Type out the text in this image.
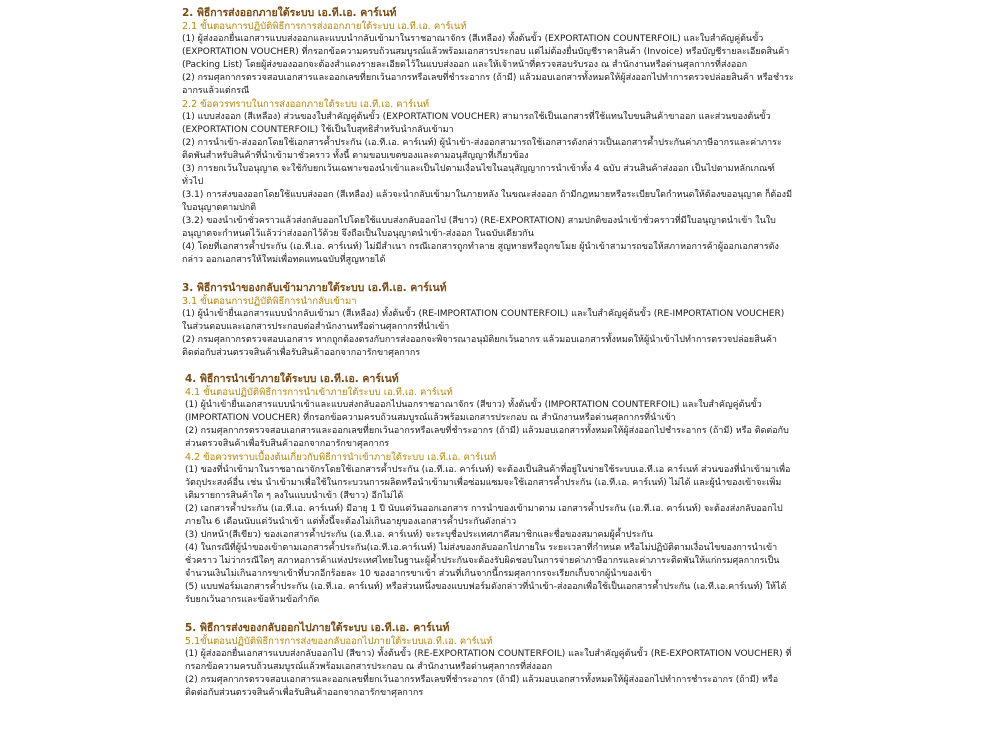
2. พิธีการส่งออกภายใต้ระบบ เอ.ที.เอ. คาร์เนท์
2.1 ขั้นตอนการปฏิบัติพิธีการการส่งออกภายใต้ระบบ เอ.ที.เอ. คาร์เนท์

(1) ผู้ส่งออกยื่นเอกสารแบบส่งออกและแบบนำกลับเข้ามาในราชอาณาจักร (สีเหลือง) ทั้งต้นขั้ว (EXPORTATION COUNTERFOIL) และใบสำคัญคู่ต้นขั้ว (EXPORTATION VOUCHER) ที่กรอกข้อความครบถ้วนสมบูรณ์แล้วพร้อมเอกสารประกอบ แต่ไม่ต้องยื่นบัญชีราคาสินค้า (Invoice) หรือบัญชีรายละเอียดสินค้า (Packing List) โดยผู้ส่งของออกจะต้องสำแดงรายละเอียดไว้ในแบบส่งออก และให้เจ้าหน้าที่ตรวจสอบรับรอง ณ สำนักงานหรือด่านศุลกากรที่ส่งออก

(2) กรมศุลกากรตรวจสอบเอกสารและออกเลขที่ยกเว้นอากรหรือเลขที่ชำระอากร (ถ้ามี) แล้วมอบเอกสารทั้งหมดให้ผู้ส่งออกไปทำการตรวจปล่อยสินค้า หรือชำระอากรแล้วแต่กรณี

2.2 ข้อควรทราบในการส่งออกภายใต้ระบบ เอ.ที.เอ. คาร์เนท์

(1) แบบส่งออก (สีเหลือง) ส่วนของใบสำคัญคู่ต้นขั้ว (EXPORTATION VOUCHER) สามารถใช้เป็นเอกสารที่ใช้แทนใบขนสินค้าขาออก และส่วนของต้นขั้ว (EXPORTATION COUNTERFOIL) ใช้เป็นใบสุทธิสำหรับนำกลับเข้ามา

(2) การนำเข้า-ส่งออกโดยใช้เอกสารค้ำประกัน (เอ.ที.เอ. คาร์เนท์) ผู้นำเข้า-ส่งออกสามารถใช้เอกสารดังกล่าวเป็นเอกสารค้ำประกันค่าภาษีอากรและค่าภาระติดพันสำหรับสินค้าที่นำเข้ามาชั่วคราว ทั้งนี้ ตามขอบเขตของและตามอนุสัญญาที่เกี่ยวข้อง

(3) การยกเว้นใบอนุญาต จะใช้กับยกเว้นเฉพาะของนำเข้าและเป็นไปตามเงื่อนไขในอนุสัญญาการนำเข้าทั้ง 4 ฉบับ ส่วนสินค้าส่งออก เป็นไปตามหลักเกณฑ์ทั่วไป

(3.1) การส่งของออกโดยใช้แบบส่งออก (สีเหลือง) แล้วจะนำกลับเข้ามาในภายหลัง ในขณะส่งออก ถ้ามีกฎหมายหรือระเบียบใดกำหนดให้ต้องขออนุญาต ก็ต้องมีใบอนุญาตตามปกติ

(3.2) ของนำเข้าชั่วคราวแล้วส่งกลับออกไปโดยใช้แบบส่งกลับออกไป (สีขาว) (RE-EXPORTATION) สามปกติของนำเข้าชั่วคราวที่มีใบอนุญาตนำเข้า ในใบอนุญาตจะกำหนดไว้แล้วว่าส่งออกไว้ด้วย จึงถือเป็นใบอนุญาตนำเข้า-ส่งออก ในฉบับเดียวกัน

(4) โดยที่เอกสารค้ำประกัน (เอ.ที.เอ. คาร์เนท์) ไม่มีสำเนา กรณีเอกสารถูกทำลาย สูญหายหรือถูกขโมย ผู้นำเข้าสามารถขอให้สภาหอการค้าผู้ออกเอกสารดังกล่าว ออกเอกสารให้ใหม่เพื่อทดแทนฉบับที่สูญหายได้

3. พิธีการนำของกลับเข้ามาภายใต้ระบบ เอ.ที.เอ. คาร์เนท์
3.1 ขั้นตอนการปฏิบัติพิธีการนำกลับเข้ามา

(1) ผู้นำเข้ายื่นเอกสารแบบนำกลับเข้ามา (สีเหลือง) ทั้งต้นขั้ว (RE-IMPORTATION COUNTERFOIL) และใบสำคัญคู่ต้นขั้ว (RE-IMPORTATION VOUCHER) ในส่วนตอบและเอกสารประกอบต่อสำนักงานหรือด่านศุลกากรที่นำเข้า

(2) กรมศุลกากรตรวจสอบเอกสาร หากถูกต้องตรงกับการส่งออกจะพิจารณาอนุมัติยกเว้นอากร แล้วมอบเอกสารทั้งหมดให้ผู้นำเข้าไปทำการตรวจปล่อยสินค้า ติดต่อกับส่วนตรวจสินค้าเพื่อรับสินค้าออกจากอารักขาศุลกากร

4. พิธีการนำเข้าภายใต้ระบบ เอ.ที.เอ. คาร์เนท์
4.1 ขั้นตอนปฏิบัติพิธีการการนำเข้าภายใต้ระบบ เอ.ที.เอ. คาร์เนท์

(1) ผู้นำเข้ายื่นเอกสารแบบนำเข้าและแบบส่งกลับออกไปนอกราชอาณาจักร (สีขาว) ทั้งต้นขั้ว (IMPORTATION COUNTERFOIL) และใบสำคัญคู่ต้นขั้ว (IMPORTATION VOUCHER) ที่กรอกข้อความครบถ้วนสมบูรณ์แล้วพร้อมเอกสารประกอบ ณ สำนักงานหรือด่านศุลกากรที่นำเข้า

(2) กรมศุลกากรตรวจสอบเอกสารและออกเลขที่ยกเว้นอากรหรือเลขที่ชำระอากร (ถ้ามี) แล้วมอบเอกสารทั้งหมดให้ผู้ส่งออกไปชำระอากร (ถ้ามี) หรือ ติดต่อกับส่วนตรวจสินค้าเพื่อรับสินค้าออกจากอารักขาศุลกากร

4.2 ข้อควรทราบเบื้องต้นเกี่ยวกับพิธีการนำเข้าภายใต้ระบบ เอ.ที.เอ. คาร์เนท์

(1) ของที่นำเข้ามาในราชอาณาจักรโดยใช้เอกสารค้ำประกัน (เอ.ที.เอ. คาร์เนท์) จะต้องเป็นสินค้าที่อยู่ในข่ายใช้ระบบเอ.ที.เอ คาร์เนท์ ส่วนของที่นำเข้ามาเพื่อวัตถุประสงค์อื่น เช่น นำเข้ามาเพื่อใช้ในกระบวนการผลิตหรือนำเข้ามาเพื่อซ่อมแซมจะใช้เอกสารค้ำประกัน (เอ.ที.เอ. คาร์เนท์) ไม่ได้ และผู้นำของเข้าจะเพิ่มเติมรายการสินค้าใด ๆ ลงในแบบนำเข้า (สีขาว) อีกไม่ได้

(2) เอกสารค้ำประกัน (เอ.ที.เอ. คาร์เนท์) มีอายุ 1 ปี นับแต่วันออกเอกสาร การนำของเข้ามาตาม เอกสารค้ำประกัน (เอ.ที.เอ. คาร์เนท์) จะต้องส่งกลับออกไปภายใน 6 เดือนนับแต่วันนำเข้า แต่ทั้งนี้จะต้องไม่เกินอายุของเอกสารค้ำประกันดังกล่าว

(3) ปกหน้า(สีเขียว) ของเอกสารค้ำประกัน (เอ.ที.เอ. คาร์เนท์) จะระบุชื่อประเทศภาคีสมาชิกและชื่อของสมาคมผู้ค้ำประกัน

(4) ในกรณีที่ผู้นำของเข้าตามเอกสารค้ำประกัน(เอ.ที.เอ.คาร์เนท์) ไม่ส่งของกลับออกไปภายใน ระยะเวลาที่กำหนด หรือไม่ปฏิบัติตามเงื่อนไขของการนำเข้าชั่วคราว ไม่ว่ากรณีใดๆ สภาหอการค้าแห่งประเทศไทยในฐานะผู้ค้ำประกันจะต้องรับผิดชอบในการจ่ายค่าภาษีอากรและค่าภาระติดพันให้แก่กรมศุลกากรเป็นจำนวนเงินไม่เกินอากรขาเข้าที่บวกอีกร้อยละ 10 ของอากรขาเข้า ส่วนที่เกินจากนี้กรมศุลกากรจะเรียกเก็บจากผู้นำของเข้า

(5) แบบฟอร์มเอกสารค้ำประกัน (เอ.ที.เอ. คาร์เนท์) หรือส่วนหนึ่งของแบบฟอร์มดังกล่าวที่นำเข้า-ส่งออกเพื่อใช้เป็นเอกสารค้ำประกัน (เอ.ที.เอ.คาร์เนท์) ให้ได้รับยกเว้นอากรและข้อห้ามข้อกำกัด

5. พิธีการส่งของกลับออกไปภายใต้ระบบ เอ.ที.เอ. คาร์เนท์
5.1ขั้นตอนปฏิบัติพิธีการการส่งของกลับออกไปภายใต้ระบบเอ.ที.เอ. คาร์เนท์

(1) ผู้ส่งออกยื่นเอกสารแบบส่งกลับออกไป (สีขาว) ทั้งต้นขั้ว (RE-EXPORTATION COUNTERFOIL) และใบสำคัญคู่ต้นขั้ว (RE-EXPORTATION VOUCHER) ที่กรอกข้อความครบถ้วนสมบูรณ์แล้วพร้อมเอกสารประกอบ ณ สำนักงานหรือด่านศุลกากรที่ส่งออก

(2) กรมศุลกากรตรวจสอบเอกสารและออกเลขที่ยกเว้นอากรหรือเลขที่ชำระอากร (ถ้ามี) แล้วมอบเอกสารทั้งหมดให้ผู้ส่งออกไปทำการชำระอากร (ถ้ามี) หรือ ติดต่อกับส่วนตรวจสินค้าเพื่อรับสินค้าออกจากอารักขาศุลกากร
